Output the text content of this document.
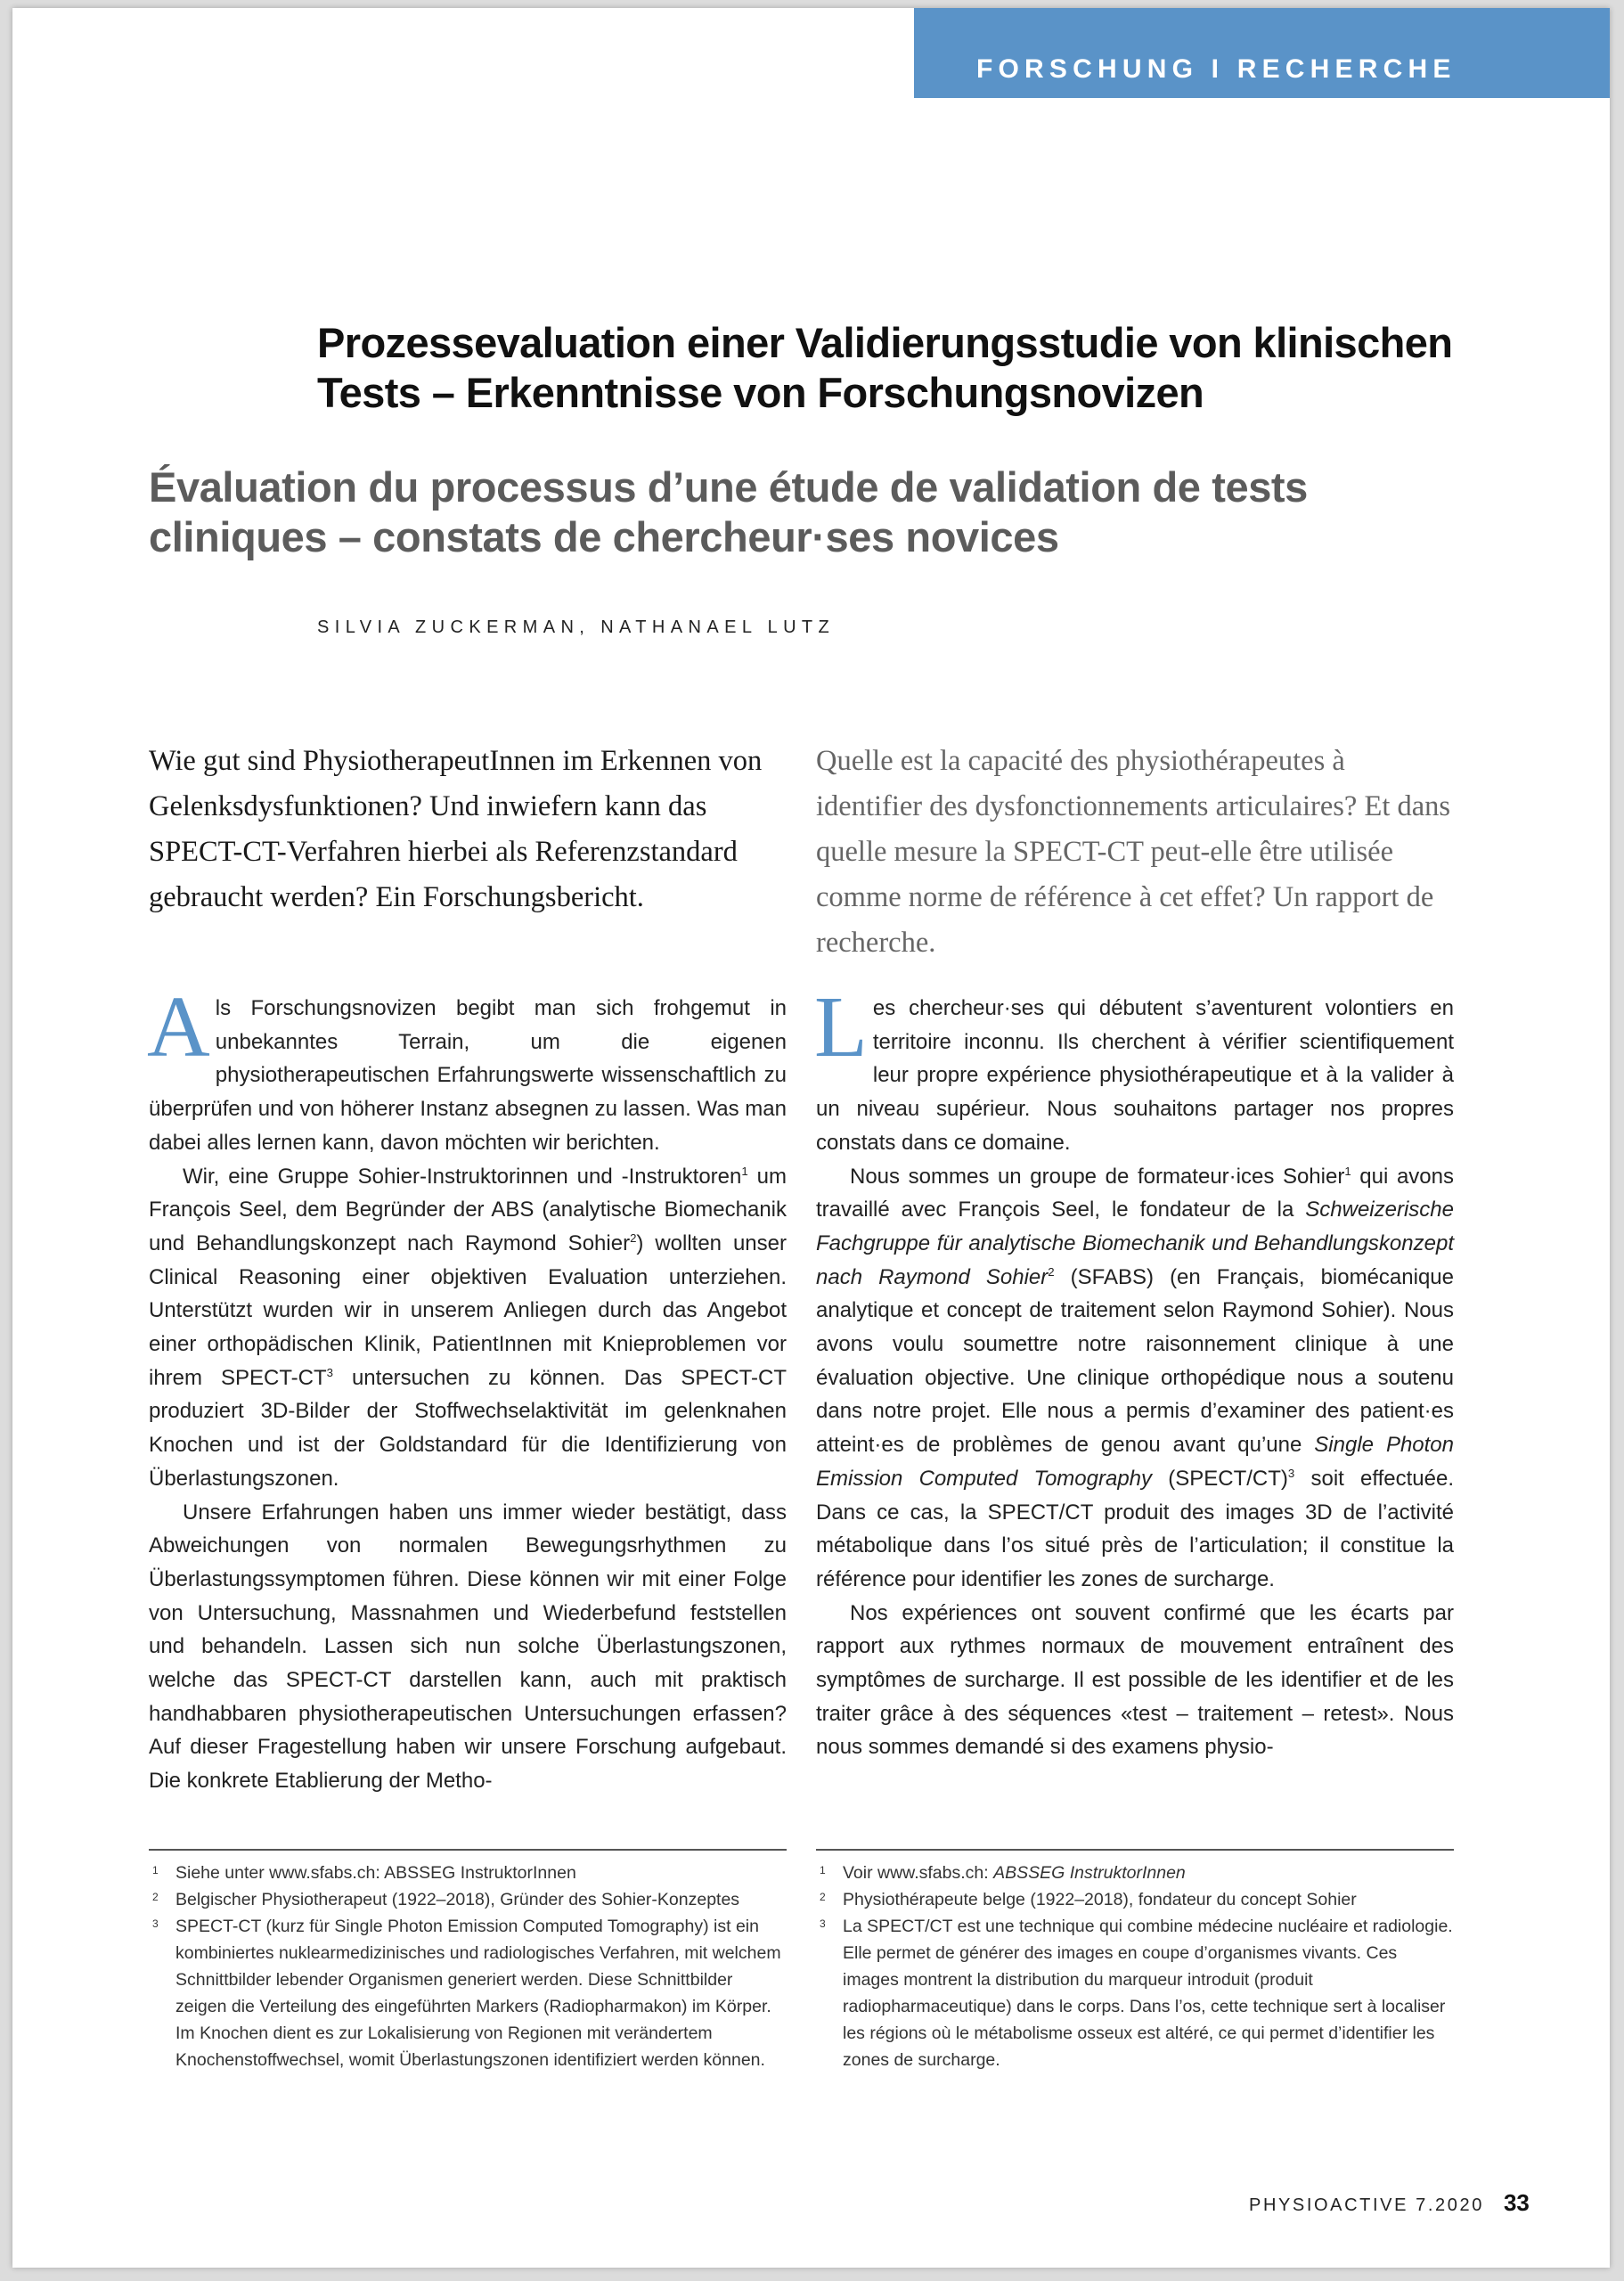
FORSCHUNG I RECHERCHE
Prozessevaluation einer Validierungsstudie von klinischen Tests – Erkenntnisse von Forschungsnovizen
Évaluation du processus d’une étude de validation de tests cliniques – constats de chercheur·ses novices
SILVIA ZUCKERMAN, NATHANAEL LUTZ
Wie gut sind PhysiotherapeutInnen im Erkennen von Gelenksdysfunktionen? Und inwiefern kann das SPECT-CT-Verfahren hierbei als Referenzstandard gebraucht werden? Ein Forschungsbericht.
Quelle est la capacité des physiothérapeutes à identifier des dysfonctionnements articulaires? Et dans quelle mesure la SPECT-CT peut-elle être utilisée comme norme de référence à cet effet? Un rapport de recherche.

Als Forschungsnovizen begibt man sich frohgemut in unbekanntes Terrain, um die eigenen physiotherapeutischen Erfahrungswerte wissenschaftlich zu überprüfen und von höherer Instanz absegnen zu lassen. Was man dabei alles lernen kann, davon möchten wir berichten.

Wir, eine Gruppe Sohier-Instruktorinnen und -Instruktoren$^1$ um François Seel, dem Begründer der ABS (analytische Biomechanik und Behandlungskonzept nach Raymond Sohier$^2$) wollten unser Clinical Reasoning einer objektiven Evaluation unterziehen. Unterstützt wurden wir in unserem Anliegen durch das Angebot einer orthopädischen Klinik, PatientInnen mit Knieproblemen vor ihrem SPECT-$CT^3$ untersuchen zu können. Das SPECT-CT produziert 3D-Bilder der Stoffwechselaktivität im gelenknahen Knochen und ist der Goldstandard für die Identifizierung von Überlastungszonen.

Unsere Erfahrungen haben uns immer wieder bestätigt, dass Abweichungen von normalen Bewegungsrhythmen zu Überlastungssymptomen führen. Diese können wir mit einer Folge von Untersuchung, Massnahmen und Wiederbefund feststellen und behandeln. Lassen sich nun solche Überlastungszonen, welche das SPECT-CT darstellen kann, auch mit praktisch handhabbaren physiotherapeutischen Untersuchungen erfassen? Auf dieser Fragestellung haben wir unsere Forschung aufgebaut. Die konkrete Etablierung der Metho-

Les chercheur·ses qui débutent s’aventurent volontiers en territoire inconnu. Ils cherchent à vérifier scientifiquement leur propre expérience physiothérapeutique et à la valider à un niveau supérieur. Nous souhaitons partager nos propres constats dans ce domaine.

Nous sommes un groupe de formateur·ices Sohier$^1$ qui avons travaillé avec François Seel, le fondateur de la Schweizerische Fachgruppe für analytische Biomechanik und Behandlungskonzept nach Raymond Sohier$^2$ (SFABS) (en Français, biomécanique analytique et concept de traitement selon Raymond Sohier). Nous avons voulu soumettre notre raisonnement clinique à une évaluation objective. Une clinique orthopédique nous a soutenu dans notre projet. Elle nous a permis d’examiner des patient·es atteint·es de problèmes de genou avant qu’une Single Photon Emission Computed Tomography (SPECT/CT)$^3$ soit effectuée. Dans ce cas, la SPECT/CT produit des images 3D de l’activité métabolique dans l’os situé près de l’articulation; il constitue la référence pour identifier les zones de surcharge.

Nos expériences ont souvent confirmé que les écarts par rapport aux rythmes normaux de mouvement entraînent des symptômes de surcharge. Il est possible de les identifier et de les traiter grâce à des séquences «test – traitement – retest». Nous nous sommes demandé si des examens physio-

1 Siehe unter www.sfabs.ch: ABSSEG InstruktorInnen
2 Belgischer Physiotherapeut (1922–2018), Gründer des Sohier-Konzeptes
3 SPECT-CT (kurz für Single Photon Emission Computed Tomography) ist ein kombiniertes nuklearmedizinisches und radiologisches Verfahren, mit welchem Schnittbilder lebender Organismen generiert werden. Diese Schnittbilder zeigen die Verteilung des eingeführten Markers (Radiopharmakon) im Körper. Im Knochen dient es zur Lokalisierung von Regionen mit verändertem Knochenstoffwechsel, womit Überlastungszonen identifiziert werden können.
1 Voir www.sfabs.ch: ABSSEG InstruktorInnen
2 Physiothérapeute belge (1922–2018), fondateur du concept Sohier
3 La SPECT/CT est une technique qui combine médecine nucléaire et radiologie. Elle permet de générer des images en coupe d’organismes vivants. Ces images montrent la distribution du marqueur introduit (produit radiopharmaceutique) dans le corps. Dans l’os, cette technique sert à localiser les régions où le métabolisme osseux est altéré, ce qui permet d’identifier les zones de surcharge.
PHYSIOACTIVE 7.2020 33
